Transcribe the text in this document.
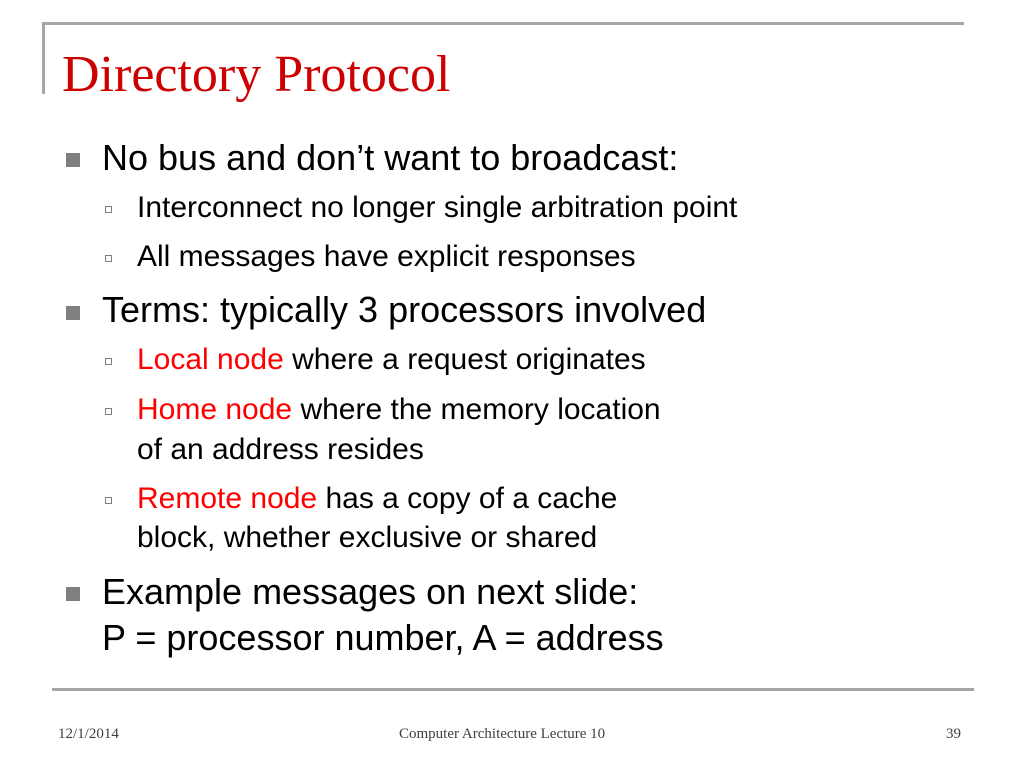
Directory Protocol
No bus and don’t want to broadcast:
Interconnect no longer single arbitration point
All messages have explicit responses
Terms: typically 3 processors involved
Local node where a request originates
Home node where the memory location
of an address resides
Remote node has a copy of a cache
block, whether exclusive or shared
Example messages on next slide:
P = processor number, A = address
12/1/2014	Computer Architecture Lecture 10	39
